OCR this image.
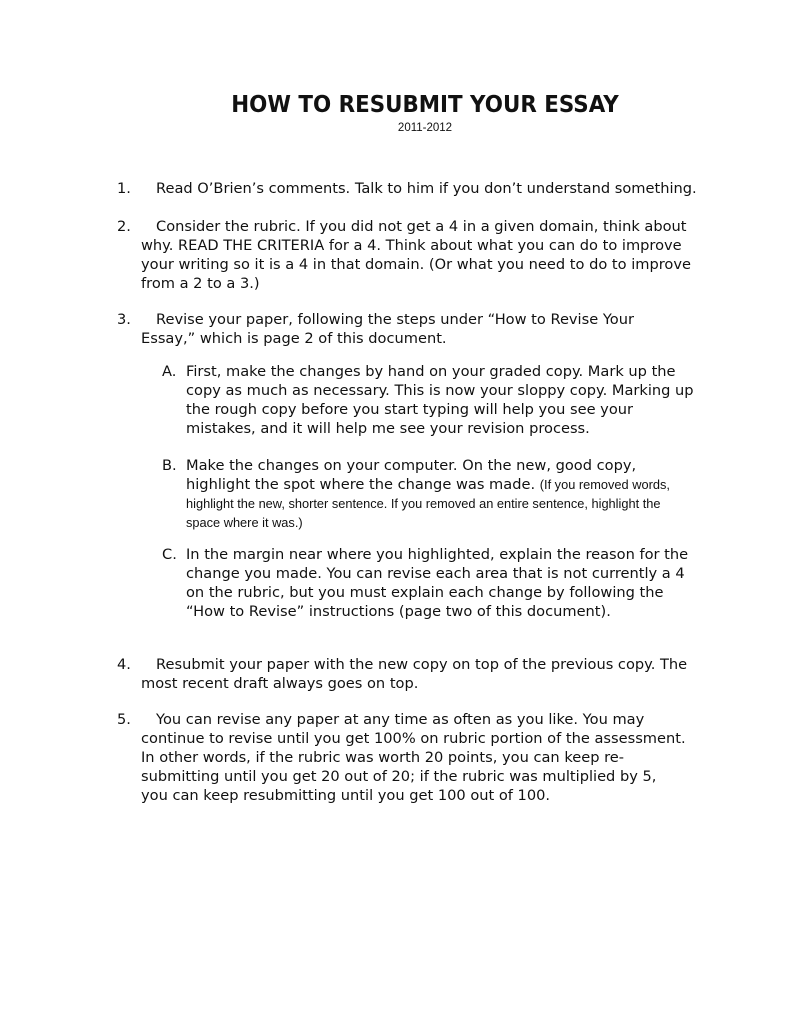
HOW TO RESUBMIT YOUR ESSAY
2011-2012
1.	Read O’Brien’s comments. Talk to him if you don’t understand something.
2.	Consider the rubric. If you did not get a 4 in a given domain, think about why. READ THE CRITERIA for a 4. Think about what you can do to improve your writing so it is a 4 in that domain. (Or what you need to do to improve from a 2 to a 3.)
3.	Revise your paper, following the steps under “How to Revise Your Essay,” which is page 2 of this document.
A. First, make the changes by hand on your graded copy. Mark up the copy as much as necessary. This is now your sloppy copy. Marking up the rough copy before you start typing will help you see your mistakes, and it will help me see your revision process.
B. Make the changes on your computer. On the new, good copy, highlight the spot where the change was made. (If you removed words, highlight the new, shorter sentence. If you removed an entire sentence, highlight the space where it was.)
C. In the margin near where you highlighted, explain the reason for the change you made. You can revise each area that is not currently a 4 on the rubric, but you must explain each change by following the “How to Revise” instructions (page two of this document).
4.	Resubmit your paper with the new copy on top of the previous copy. The most recent draft always goes on top.
5.	You can revise any paper at any time as often as you like. You may continue to revise until you get 100% on rubric portion of the assessment. In other words, if the rubric was worth 20 points, you can keep re-submitting until you get 20 out of 20; if the rubric was multiplied by 5, you can keep resubmitting until you get 100 out of 100.
